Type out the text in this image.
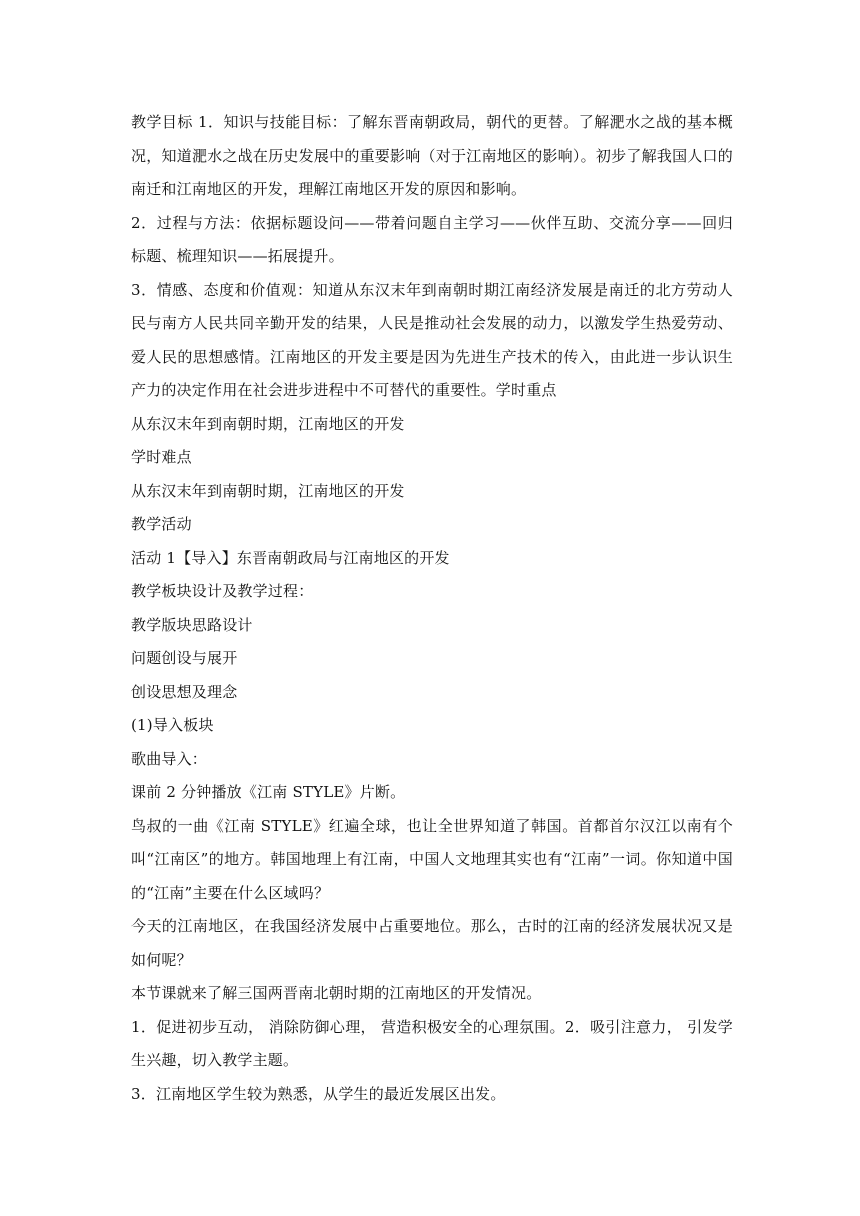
教学目标 1．知识与技能目标：了解东晋南朝政局，朝代的更替。了解淝水之战的基本概况，知道淝水之战在历史发展中的重要影响（对于江南地区的影响）。初步了解我国人口的南迁和江南地区的开发，理解江南地区开发的原因和影响。

2．过程与方法：依据标题设问——带着问题自主学习——伙伴互助、交流分享——回归标题、梳理知识——拓展提升。

3．情感、态度和价值观：知道从东汉末年到南朝时期江南经济发展是南迁的北方劳动人民与南方人民共同辛勤开发的结果，人民是推动社会发展的动力，以激发学生热爱劳动、爱人民的思想感情。江南地区的开发主要是因为先进生产技术的传入，由此进一步认识生产力的决定作用在社会进步进程中不可替代的重要性。学时重点

从东汉末年到南朝时期，江南地区的开发

学时难点

从东汉末年到南朝时期，江南地区的开发

教学活动

活动 1【导入】东晋南朝政局与江南地区的开发

教学板块设计及教学过程：

教学版块思路设计

问题创设与展开

创设思想及理念

(1)导入板块

歌曲导入：

课前 2 分钟播放《江南 STYLE》片断。

鸟叔的一曲《江南 STYLE》红遍全球，也让全世界知道了韩国。首都首尔汉江以南有个叫“江南区”的地方。韩国地理上有江南，中国人文地理其实也有“江南”一词。你知道中国的“江南”主要在什么区域吗？

今天的江南地区，在我国经济发展中占重要地位。那么，古时的江南的经济发展状况又是如何呢？

本节课就来了解三国两晋南北朝时期的江南地区的开发情况。

1．促进初步互动， 消除防御心理， 营造积极安全的心理氛围。2．吸引注意力， 引发学生兴趣，切入教学主题。

3．江南地区学生较为熟悉，从学生的最近发展区出发。
